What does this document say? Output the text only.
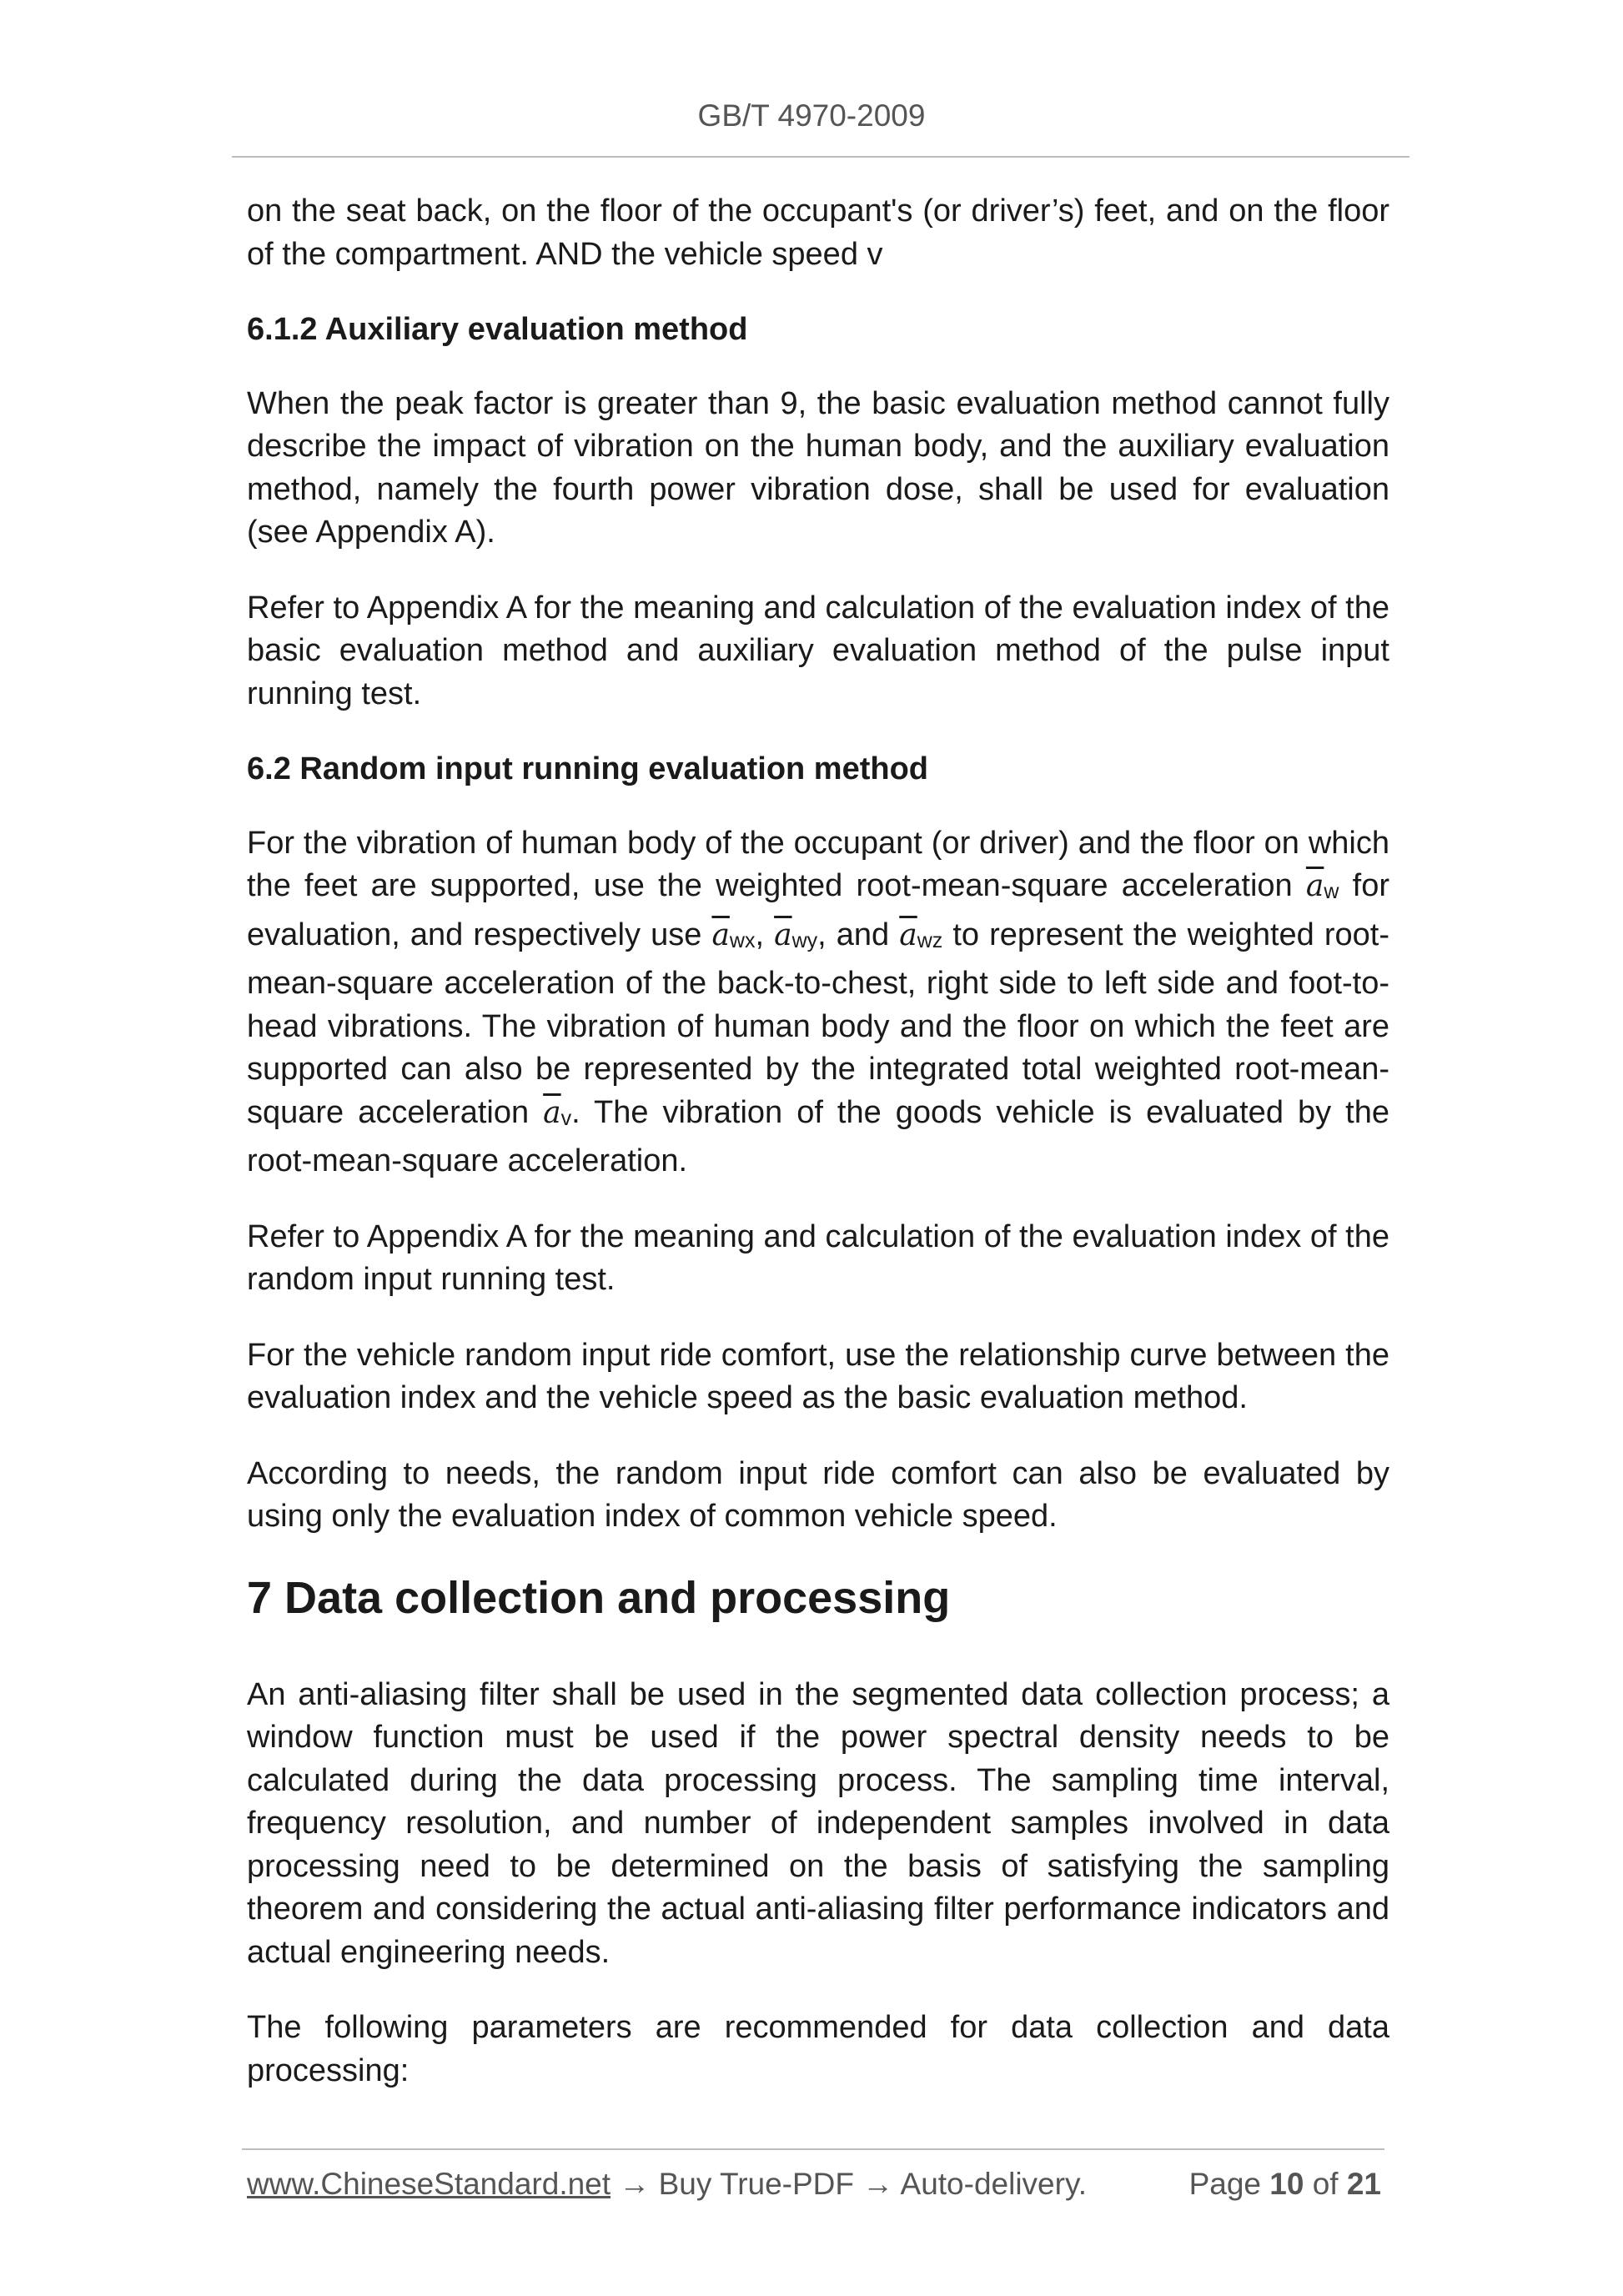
GB/T 4970-2009

on the seat back, on the floor of the occupant's (or driver’s) feet, and on the floor of the compartment. AND the vehicle speed v

6.1.2 Auxiliary evaluation method

When the peak factor is greater than 9, the basic evaluation method cannot fully describe the impact of vibration on the human body, and the auxiliary evaluation method, namely the fourth power vibration dose, shall be used for evaluation (see Appendix A).

Refer to Appendix A for the meaning and calculation of the evaluation index of the basic evaluation method and auxiliary evaluation method of the pulse input running test.

6.2 Random input running evaluation method

For the vibration of human body of the occupant (or driver) and the floor on which the feet are supported, use the weighted root-mean-square acceleration $\overline{a}w$ for evaluation, and respectively use $\overline{a}wx$, $\overline{a}wy$, and $\overline{a}wz$ to represent the weighted root-mean-square acceleration of the back-to-chest, right side to left side and foot-to-head vibrations. The vibration of human body and the floor on which the feet are supported can also be represented by the integrated total weighted root-mean-square acceleration $\overline{a}v$. The vibration of the goods vehicle is evaluated by the root-mean-square acceleration.

Refer to Appendix A for the meaning and calculation of the evaluation index of the random input running test.

For the vehicle random input ride comfort, use the relationship curve between the evaluation index and the vehicle speed as the basic evaluation method.

According to needs, the random input ride comfort can also be evaluated by using only the evaluation index of common vehicle speed.

7 Data collection and processing

An anti-aliasing filter shall be used in the segmented data collection process; a window function must be used if the power spectral density needs to be calculated during the data processing process. The sampling time interval, frequency resolution, and number of independent samples involved in data processing need to be determined on the basis of satisfying the sampling theorem and considering the actual anti-aliasing filter performance indicators and actual engineering needs.

The following parameters are recommended for data collection and data processing:

www.ChineseStandard.net → Buy True-PDF → Auto-delivery.	Page 10 of 21
